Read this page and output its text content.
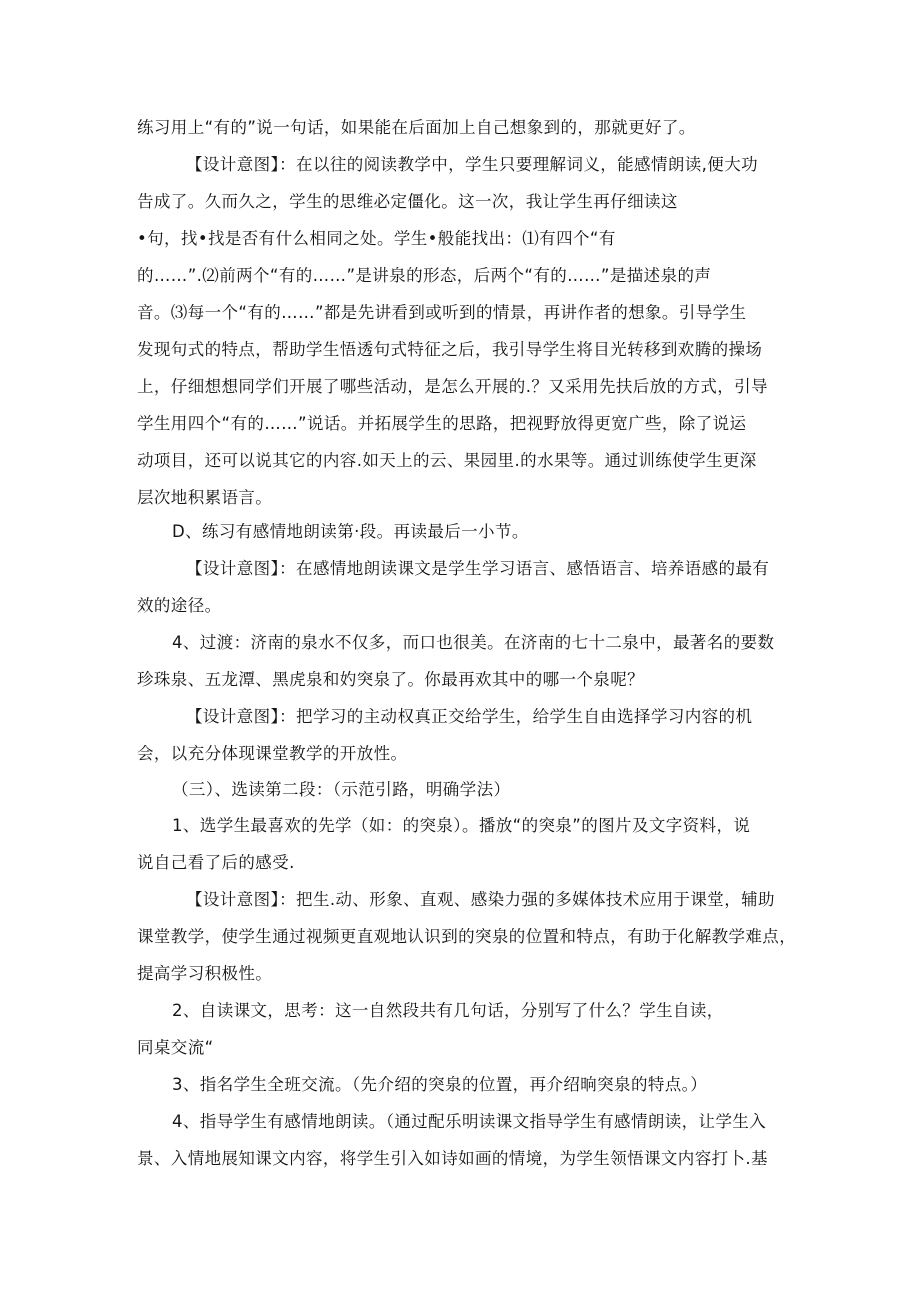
练习用上“有的”说一句话，如果能在后面加上自己想象到的，那就更好了。

【设计意图】：在以往的阅读教学中，学生只要理解词义，能感情朗读,便大功

告成了。久而久之，学生的思维必定僵化。这一次，我让学生再仔细读这

•句，找•找是否有什么相同之处。学生•般能找出：⑴有四个“有

的……”.⑵前两个“有的……”是讲泉的形态，后两个“有的……”是描述泉的声

音。⑶每一个“有的……”都是先讲看到或听到的情景，再讲作者的想象。引导学生

发现句式的特点，帮助学生悟透句式特征之后，我引导学生将目光转移到欢腾的操场

上，仔细想想同学们开展了哪些活动，是怎么开展的.？又采用先扶后放的方式，引导

学生用四个“有的……”说话。并拓展学生的思路，把视野放得更宽广些，除了说运

动项目，还可以说其它的内容.如天上的云、果园里.的水果等。通过训练使学生更深

层次地积累语言。

D、练习有感情地朗读第·段。再读最后一小节。

【设计意图】：在感情地朗读课文是学生学习语言、感悟语言、培养语感的最有

效的途径。

4、过渡：济南的泉水不仅多，而口也很美。在济南的七十二泉中，最著名的要数

珍珠泉、五龙潭、黑虎泉和妁突泉了。你最再欢其中的哪一个泉呢？

【设计意图】：把学习的主动权真正交给学生，给学生自由选择学习内容的机

会，以充分体现课堂教学的开放性。

（三）、选读第二段：（示范引路，明确学法）

1、选学生最喜欢的先学（如：的突泉）。播放“的突泉”的图片及文字资料，说

说自己看了后的感受.

【设计意图】：把生.动、形象、直观、感染力强的多媒体技术应用于课堂，辅助

课堂教学，使学生通过视频更直观地认识到的突泉的位置和特点，有助于化解教学难点，

提高学习积极性。

2、自读课文，思考：这一自然段共有几句话，分别写了什么？学生自读，

同桌交流“

3、指名学生全班交流。（先介绍的突泉的位置，再介绍晌突泉的特点。）

4、指导学生有感情地朗读。（通过配乐明读课文指导学生有感情朗读，让学生入

景、入情地展知课文内容，将学生引入如诗如画的情境，为学生领悟课文内容打卜.基
